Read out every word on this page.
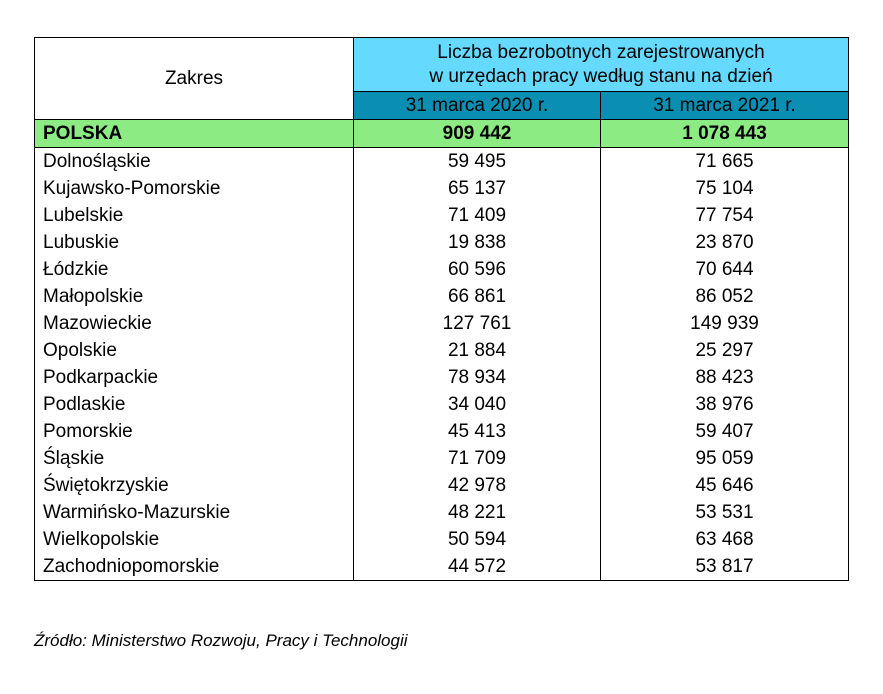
Zakres	Liczba bezrobotnych zarejestrowanych
w urzędach pracy według stanu na dzień	

	31 marca 2020 r.	31 marca 2021 r.
POLSKA	909 442	1 078 443
Dolnośląskie	59 495	71 665
Kujawsko-Pomorskie	65 137	75 104
Lubelskie	71 409	77 754
Lubuskie	19 838	23 870
Łódzkie	60 596	70 644
Małopolskie	66 861	86 052
Mazowieckie	127 761	149 939
Opolskie	21 884	25 297
Podkarpackie	78 934	88 423
Podlaskie	34 040	38 976
Pomorskie	45 413	59 407
Śląskie	71 709	95 059
Świętokrzyskie	42 978	45 646
Warmińsko-Mazurskie	48 221	53 531
Wielkopolskie	50 594	63 468
Zachodniopomorskie	44 572	53 817
Źródło: Ministerstwo Rozwoju, Pracy i Technologii
